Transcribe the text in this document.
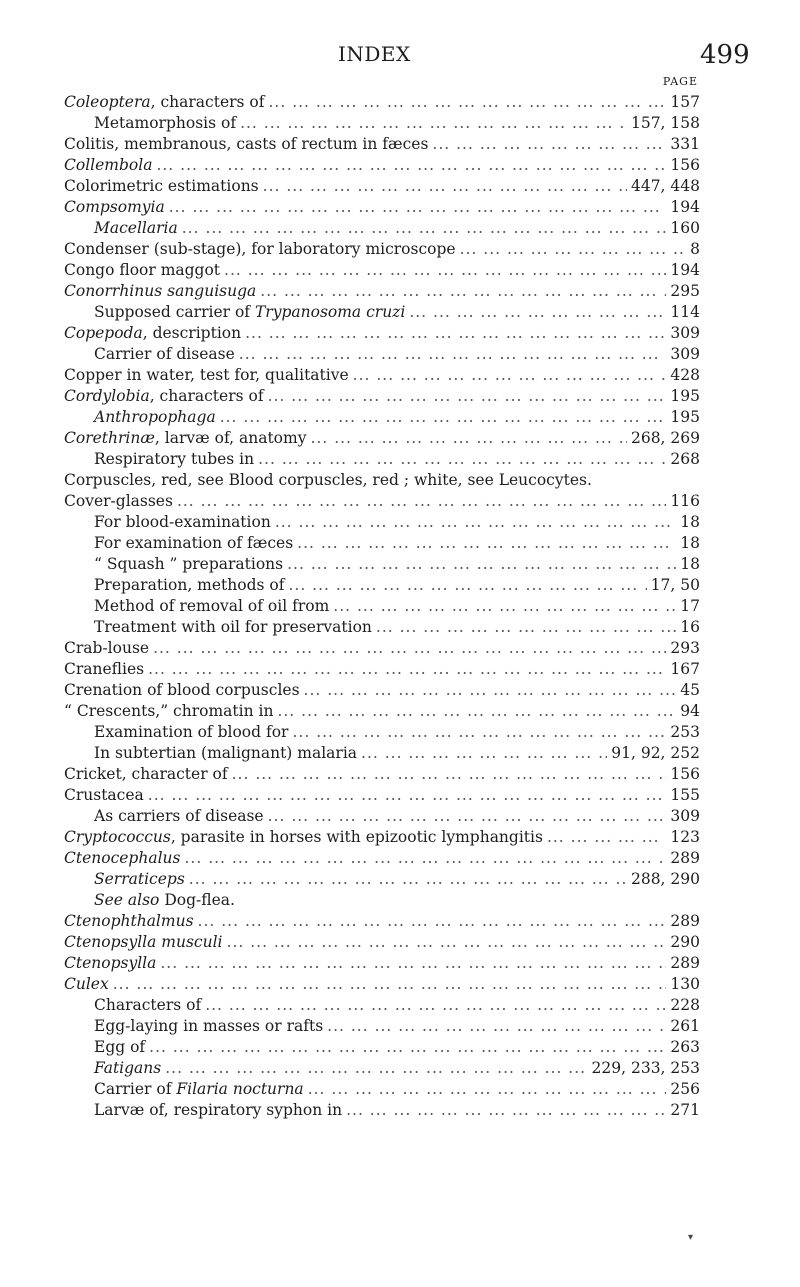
INDEX	499
PAGE
Coleoptera, characters of ... .	157
Metamorphosis of ... .	157, 158
Colitis, membranous, casts of rectum in fæces ... .	331
Collembola ... .	156
Colorimetric estimations ... .	447, 448
Compsomyia ... .	194
Macellaria ... .	160
Condenser (sub-stage), for laboratory microscope ... .	8
Congo floor maggot ... .	194
Conorrhinus sanguisuga ... .	295
Supposed carrier of Trypanosoma cruzi ... .	114
Copepoda, description ... .	309
Carrier of disease ... .	309
Copper in water, test for, qualitative ... .	428
Cordylobia, characters of ... .	195
Anthropophaga ... .	195
Corethrinæ, larvæ of, anatomy ... .	268, 269
Respiratory tubes in ... .	268
Corpuscles, red, see Blood corpuscles, red ; white, see Leucocytes.
Cover-glasses ... .	116
For blood-examination ... .	18
For examination of fæces ... .	18
“ Squash ” preparations ... .	18
Preparation, methods of ... .	17, 50
Method of removal of oil from ... .	17
Treatment with oil for preservation ... .	16
Crab-louse ... .	293
Craneflies ... .	167
Crenation of blood corpuscles ... .	45
“ Crescents,” chromatin in ... .	94
Examination of blood for ... .	253
In subtertian (malignant) malaria ... .	91, 92, 252
Cricket, character of ... .	156
Crustacea ... .	155
As carriers of disease ... .	309
Cryptococcus, parasite in horses with epizootic lymphangitis ... .	123
Ctenocephalus ... .	289
Serraticeps ... .	288, 290
See also Dog-flea.
Ctenophthalmus ... .	289
Ctenopsylla musculi ... .	290
Ctenopsylla ... .	289
Culex ... .	130
Characters of ... .	228
Egg-laying in masses or rafts ... .	261
Egg of ... .	263
Fatigans ... .	229, 233, 253
Carrier of Filaria nocturna ... .	256
Larvæ of, respiratory syphon in ... .	271
▾
